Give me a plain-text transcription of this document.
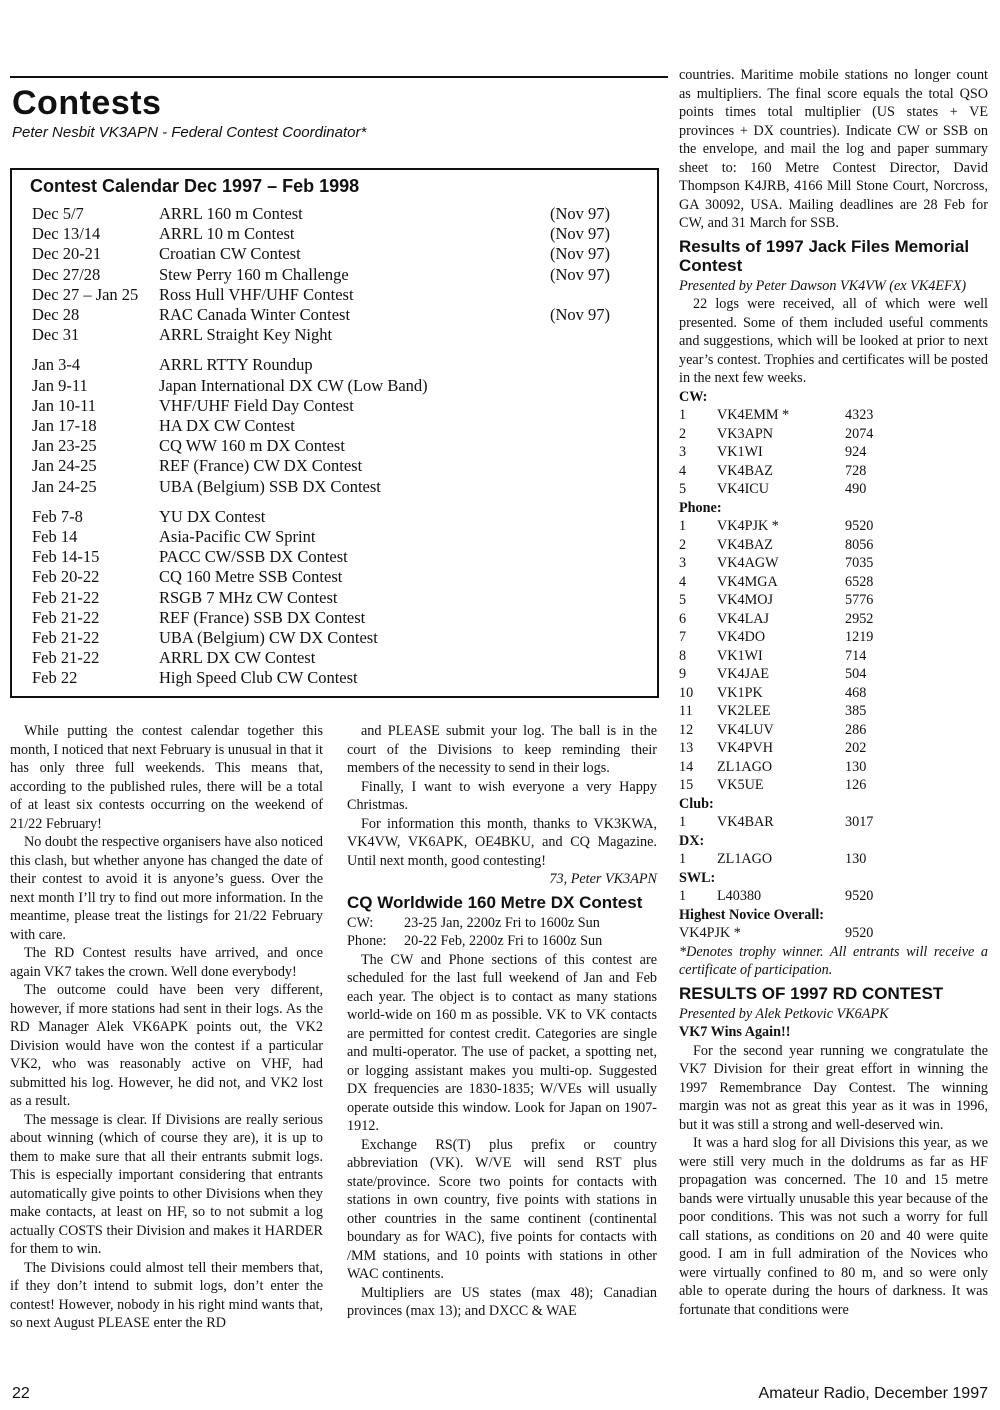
Contests
Peter Nesbit VK3APN - Federal Contest Coordinator*
Contest Calendar Dec 1997 – Feb 1998
Dec 5/7	ARRL 160 m Contest	(Nov 97)
Dec 13/14	ARRL 10 m Contest	(Nov 97)
Dec 20-21	Croatian CW Contest	(Nov 97)
Dec 27/28	Stew Perry 160 m Challenge	(Nov 97)
Dec 27 – Jan 25 Ross Hull VHF/UHF Contest
Dec 28	RAC Canada Winter Contest	(Nov 97)
Dec 31	ARRL Straight Key Night
Jan 3-4	ARRL RTTY Roundup
Jan 9-11	Japan International DX CW (Low Band)
Jan 10-11	VHF/UHF Field Day Contest
Jan 17-18	HA DX CW Contest
Jan 23-25	CQ WW 160 m DX Contest
Jan 24-25	REF (France) CW DX Contest
Jan 24-25	UBA (Belgium) SSB DX Contest
Feb 7-8	YU DX Contest
Feb 14	Asia-Pacific CW Sprint
Feb 14-15	PACC CW/SSB DX Contest
Feb 20-22	CQ 160 Metre SSB Contest
Feb 21-22	RSGB 7 MHz CW Contest
Feb 21-22	REF (France) SSB DX Contest
Feb 21-22	UBA (Belgium) CW DX Contest
Feb 21-22	ARRL DX CW Contest
Feb 22	High Speed Club CW Contest

While putting the contest calendar together this month, I noticed that next February is unusual in that it has only three full weekends. This means that, according to the published rules, there will be a total of at least six contests occurring on the weekend of 21/22 February!

No doubt the respective organisers have also noticed this clash, but whether anyone has changed the date of their contest to avoid it is anyone’s guess. Over the next month I’ll try to find out more information. In the meantime, please treat the listings for 21/22 February with care.

The RD Contest results have arrived, and once again VK7 takes the crown. Well done everybody!

The outcome could have been very different, however, if more stations had sent in their logs. As the RD Manager Alek VK6APK points out, the VK2 Division would have won the contest if a particular VK2, who was reasonably active on VHF, had submitted his log. However, he did not, and VK2 lost as a result.

The message is clear. If Divisions are really serious about winning (which of course they are), it is up to them to make sure that all their entrants submit logs. This is especially important considering that entrants automatically give points to other Divisions when they make contacts, at least on HF, so to not submit a log actually COSTS their Division and makes it HARDER for them to win.

The Divisions could almost tell their members that, if they don’t intend to submit logs, don’t enter the contest! However, nobody in his right mind wants that, so next August PLEASE enter the RD

and PLEASE submit your log. The ball is in the court of the Divisions to keep reminding their members of the necessity to send in their logs.

Finally, I want to wish everyone a very Happy Christmas.

For information this month, thanks to VK3KWA, VK4VW, VK6APK, OE4BKU, and CQ Magazine. Until next month, good contesting!

73, Peter VK3APN

CQ Worldwide 160 Metre DX Contest
CW: 23-25 Jan, 2200z Fri to 1600z Sun
Phone: 20-22 Feb, 2200z Fri to 1600z Sun

The CW and Phone sections of this contest are scheduled for the last full weekend of Jan and Feb each year. The object is to contact as many stations world-wide on 160 m as possible. VK to VK contacts are permitted for contest credit. Categories are single and multi-operator. The use of packet, a spotting net, or logging assistant makes you multi-op. Suggested DX frequencies are 1830-1835; W/VEs will usually operate outside this window. Look for Japan on 1907-1912.

Exchange RS(T) plus prefix or country abbreviation (VK). W/VE will send RST plus state/province. Score two points for contacts with stations in own country, five points with stations in other countries in the same continent (continental boundary as for WAC), five points for contacts with /MM stations, and 10 points with stations in other WAC continents.

Multipliers are US states (max 48); Canadian provinces (max 13); and DXCC & WAE

countries. Maritime mobile stations no longer count as multipliers. The final score equals the total QSO points times total multiplier (US states + VE provinces + DX countries). Indicate CW or SSB on the envelope, and mail the log and paper summary sheet to: 160 Metre Contest Director, David Thompson K4JRB, 4166 Mill Stone Court, Norcross, GA 30092, USA. Mailing deadlines are 28 Feb for CW, and 31 March for SSB.

Results of 1997 Jack Files Memorial Contest

Presented by Peter Dawson VK4VW (ex VK4EFX)

22 logs were received, all of which were well presented. Some of them included useful comments and suggestions, which will be looked at prior to next year’s contest. Trophies and certificates will be posted in the next few weeks.

CW:
1 VK4EMM *	4323
2 VK3APN	2074
3 VK1WI	924
4 VK4BAZ	728
5 VK4ICU	490
Phone:
1 VK4PJK *	9520
2 VK4BAZ	8056
3 VK4AGW	7035
4 VK4MGA	6528
5 VK4MOJ	5776
6 VK4LAJ	2952
7 VK4DO	1219
8 VK1WI	714
9 VK4JAE	504
10 VK1PK	468
11 VK2LEE	385
12 VK4LUV	286
13 VK4PVH	202
14 ZL1AGO	130
15 VK5UE	126
Club:
1 VK4BAR	3017
DX:
1 ZL1AGO	130
SWL:
1 L40380	9520
Highest Novice Overall:
VK4PJK *	9520

*Denotes trophy winner. All entrants will receive a certificate of participation.

RESULTS OF 1997 RD CONTEST

Presented by Alek Petkovic VK6APK

VK7 Wins Again!!

For the second year running we congratulate the VK7 Division for their great effort in winning the 1997 Remembrance Day Contest. The winning margin was not as great this year as it was in 1996, but it was still a strong and well-deserved win.

It was a hard slog for all Divisions this year, as we were still very much in the doldrums as far as HF propagation was concerned. The 10 and 15 metre bands were virtually unusable this year because of the poor conditions. This was not such a worry for full call stations, as conditions on 20 and 40 were quite good. I am in full admiration of the Novices who were virtually confined to 80 m, and so were only able to operate during the hours of darkness. It was fortunate that conditions were

22	Amateur Radio, December 1997
